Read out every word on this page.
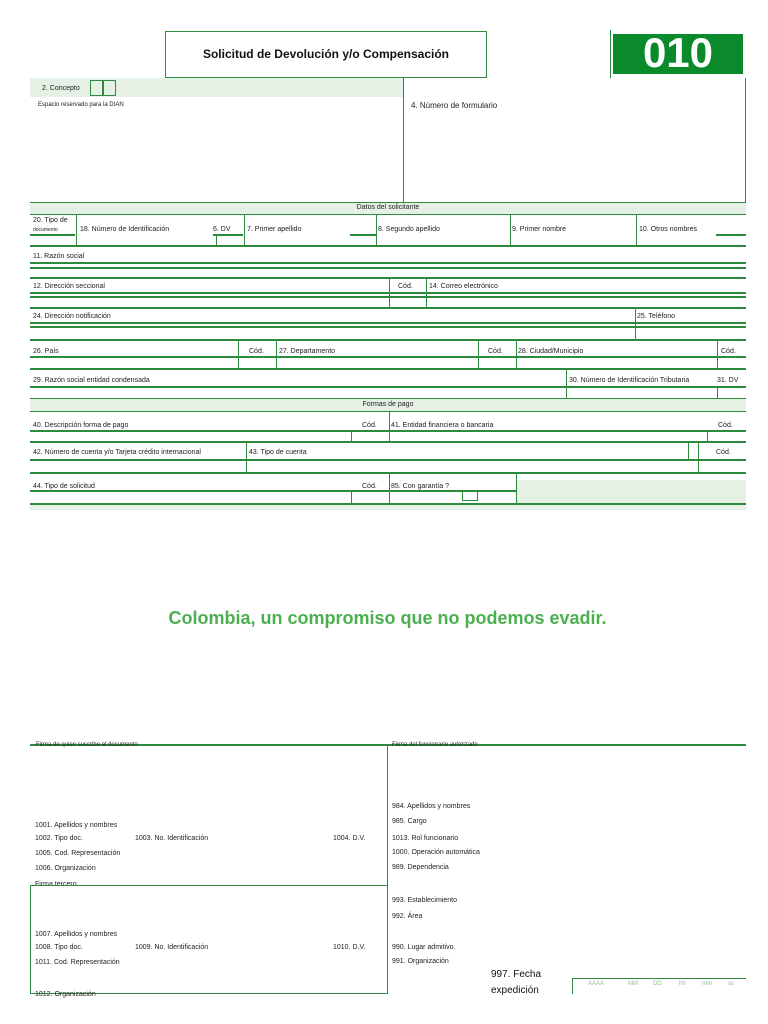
Solicitud de Devolución y/o Compensación	010
2. Concepto
Espacio reservado para la DIAN	4. Número de formulario
Datos del solicitante
20. Tipo de
documento	18. Número de Identificación	6. DV 7. Primer apellido	8. Segundo apellido	9. Primer nombre	10. Otros nombres
11. Razón social
12. Dirección seccional	Cód. 14. Correo electrónico
24. Dirección notificación	25. Teléfono
26. País	Cód. 27. Departamento	Cód. 28. Ciudad/Municipio	Cód.
29. Razón social entidad condensada	30. Número de Identificación Tributaria	31. DV
Formas de pago
40. Descripción forma de pago	Cód. 41. Entidad financiera o bancaria	Cód.
42. Número de cuenta y/o Tarjeta crédito internacional	43. Tipo de cuenta	Cód.
44. Tipo de solicitud	Cód. 85. Con garantía ?
Colombia, un compromiso que no podemos evadir.
Firma de quien suscribe el documento	Firma del funcionario autorizado
1001. Apellidos y nombres
1002. Tipo doc.	1003. No. Identificación	1004. D.V.
1005. Cod. Representación
1006. Organización
Firma tercero
1007. Apellidos y nombres
1008. Tipo doc.	1009. No. Identificación	1010. D.V.
1011. Cod. Representación
1012. Organización
984. Apellidos y nombres
985. Cargo
1013. Rol funcionario
1000. Operación automática
989. Dependencia
993. Establecimiento
992. Área
990. Lugar admitivo.
991. Organización
997. Fecha
expedición
AAAA	MM	DD	hh	mm	ss
